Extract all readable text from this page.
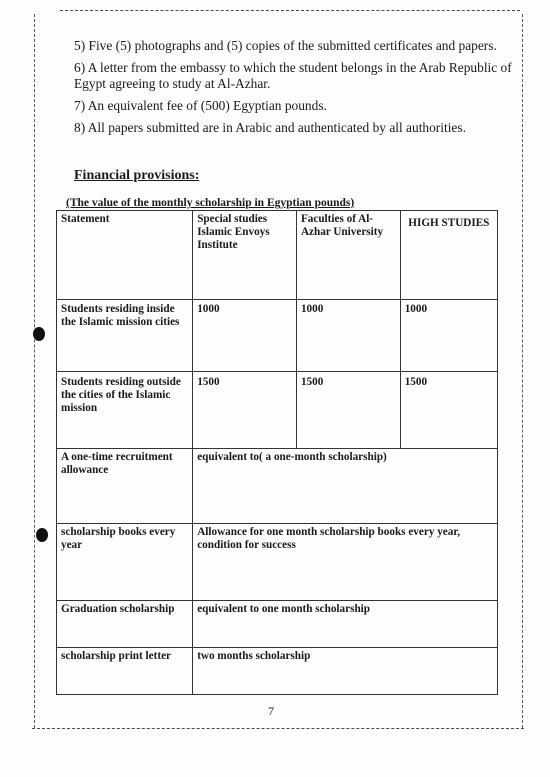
5) Five (5) photographs and (5) copies of the submitted certificates and papers.

6) A letter from the embassy to which the student belongs in the Arab Republic of Egypt agreeing to study at Al-Azhar.

7) An equivalent fee of (500) Egyptian pounds.

8) All papers submitted are in Arabic and authenticated by all authorities.

Financial provisions:
(The value of the monthly scholarship in Egyptian pounds)
Statement	Special studies Islamic Envoys Institute	Faculties of Al-Azhar University	HIGH STUDIES
Students residing inside the Islamic mission cities	1000	1000	1000
Students residing outside the cities of the Islamic mission	1500	1500	1500
A one-time recruitment allowance	equivalent to( a one-month scholarship)		
scholarship books every year	Allowance for one month scholarship books every year, condition for success		
Graduation scholarship	equivalent to one month scholarship		
scholarship print letter	two months scholarship		
7
